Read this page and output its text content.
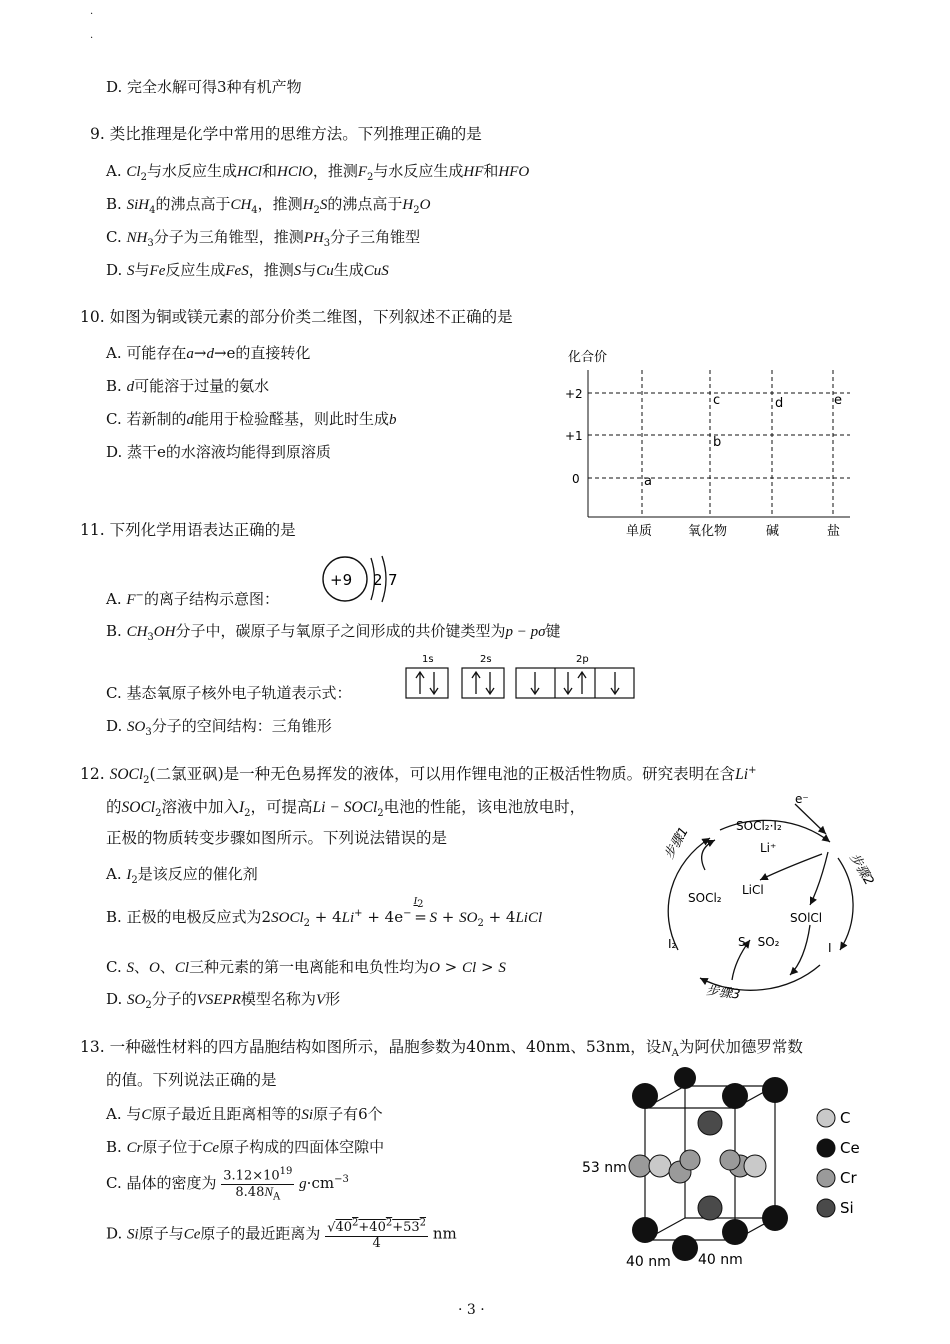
.
.
D. 完全水解可得3种有机产物
9. 类比推理是化学中常用的思维方法。下列推理正确的是
A. $Cl_2$与水反应生成HCl和HClO，推测$F_2$与水反应生成HF和HFO
B. SiH$_4$的沸点高于$CH_4$，推测$H_2S$的沸点高于$H_2O$
C. $NH_3$分子为三角锥型，推测$PH_3$分子三角锥型
D. S与Fe反应生成FeS，推测S与Cu生成CuS
10. 如图为铜或镁元素的部分价类二维图，下列叙述不正确的是
A. 可能存在a→d→e的直接转化
B. d可能溶于过量的氨水
C. 若新制的d能用于检验醛基，则此时生成b
D. 蒸干e的水溶液均能得到原溶质
化合价
+2
+1
0
单质	氧化物	碱	盐
a
b
c	d	e
11. 下列化学用语表达正确的是
A. F−的离子结构示意图：
+9 2 7
B. $CH_3OH$分子中，碳原子与氧原子之间形成的共价键类型为p − pσ键
C. 基态氧原子核外电子轨道表示式：
1s	2s	2p
D. $SO_3$分子的空间结构：三角锥形
12. SOCl$_2$(二氯亚砜)是一种无色易挥发的液体，可以用作锂电池的正极活性物质。研究表明在含Li+
的SOCl$_2$溶液中加入$I_2$，可提高Li − SOCl$_2$电池的性能，该电池放电时，
正极的物质转变步骤如图所示。下列说法错误的是
A. $I_2$是该反应的催化剂
B. 正极的电极反应式为2SOCl$_2$ + 4Li+ + 4e−
$I_2$
= $S + SO_2$ + 4LiCl
C. S、O、Cl三种元素的第一电离能和电负性均为O > Cl > S
D. $SO_2$分子的VSEPR模型名称为V形
e⁻
SOCl₂·I₂
Li⁺
SOCl₂
LiCl
SOlCl
I₂	I
S，SO₂
步骤1
步骤2
步骤3
13. 一种磁性材料的四方晶胞结构如图所示，晶胞参数为40nm、40nm、53nm，设$N_A$为阿伏加德罗常数
的值。下列说法正确的是
A. 与C原子最近且距离相等的Si原子有6个
B. Cr原子位于Ce原子构成的四面体空隙中
C. 晶体的密度为 $\frac{3.12\times 10^{19}}{8.48N_A} g\cdot cm^{-3}$
D. Si原子与Ce原子的最近距离为 $\frac{√40^2+40^2+53^2}{4}$ nm
53 nm
40 nm 40 nm
C
Ce
Cr
Si
· 3 ·
